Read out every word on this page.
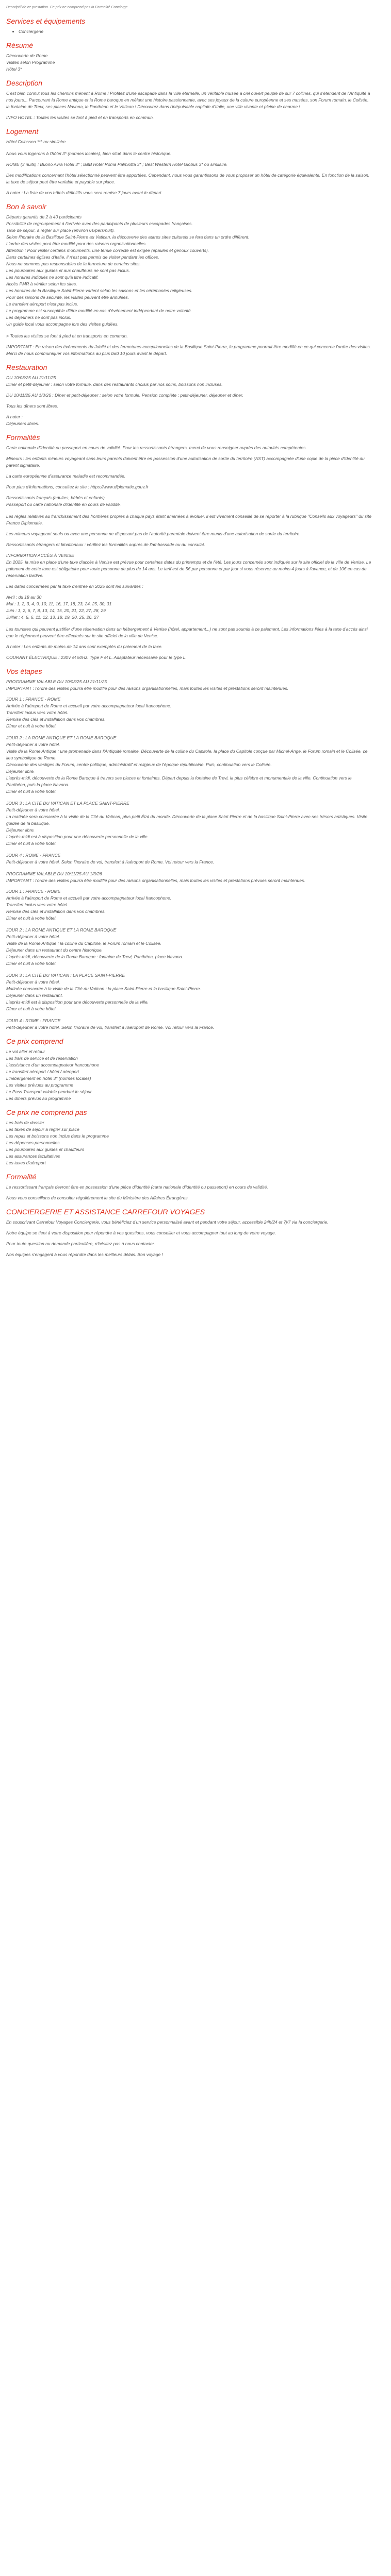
Descriptif de ce prestation. Ce prix ne comprend pas la Formalité Concierge

Services et équipements
• Conciergerie
Résumé
Découverte de Rome
Visites selon Programme
Hôtel 3*
Description

C'est bien connu: tous les chemins mènent à Rome ! Profitez d'une escapade dans la ville éternelle, un véritable musée à ciel ouvert peuplé de sur 7 collines, qui s'étendent de l'Antiquité à nos jours... Parcourant la Rome antique et la Rome baroque en mêlant une histoire passionnante, avec ses joyaux de la culture européenne et ses musées, son Forum romain, le Colisée, la fontaine de Trevi, ses places Navona, le Panthéon et le Vatican ! Découvrez dans l'inépuisable capitale d'Italie, une ville vivante et pleine de charme !

INFO HOTEL : Toutes les visites se font à pied et en transports en commun.

Logement
Hôtel Colosseo *** ou similaire

Nous vous logerons à l'hôtel 3* (normes locales), bien situé dans le centre historique.

ROME (3 nuits) : Buono Avra Hotel 3* ; B&B Hotel Roma Palmiotta 3* ; Best Western Hotel Globus 3* ou similaire.

Des modifications concernant l'hôtel sélectionné peuvent être apportées. Cependant, nous vous garantissons de vous proposer un hôtel de catégorie équivalente. En fonction de la saison, la taxe de séjour peut être variable et payable sur place.

A noter : La liste de vos hôtels définitifs vous sera remise 7 jours avant le départ.

Bon à savoir
Départs garantis de 2 à 40 participants
Possibilité de regroupement à l'arrivée avec des participants de plusieurs escapades françaises.
Taxe de séjour, à régler sur place (environ 6€/pers/nuit).
Selon l'horaire de la Basilique Saint-Pierre au Vatican, la découverte des autres sites culturels se fera dans un ordre différent.
L'ordre des visites peut être modifié pour des raisons organisationnelles.
Attention : Pour visiter certains monuments, une tenue correcte est exigée (épaules et genoux couverts).
Dans certaines églises d'Italie, il n'est pas permis de visiter pendant les offices.
Nous ne sommes pas responsables de la fermeture de certains sites.
Les pourboires aux guides et aux chauffeurs ne sont pas inclus.
Les horaires indiqués ne sont qu'à titre indicatif.
Accès PMR à vérifier selon les sites.
Les horaires de la Basilique Saint-Pierre varient selon les saisons et les cérémonies religieuses.
Pour des raisons de sécurité, les visites peuvent être annulées.
Le transfert aéroport n'est pas inclus.
Le programme est susceptible d'être modifié en cas d'événement indépendant de notre volonté.
Les déjeuners ne sont pas inclus.
Un guide local vous accompagne lors des visites guidées.

> Toutes les visites se font à pied et en transports en commun.

IMPORTANT : En raison des événements du Jubilé et des fermetures exceptionnelles de la Basilique Saint-Pierre, le programme pourrait être modifié en ce qui concerne l'ordre des visites. Merci de nous communiquer vos informations au plus tard 10 jours avant le départ.

Restauration
DU 10/03/25 AU 21/11/25

Dîner et petit-déjeuner : selon votre formule, dans des restaurants choisis par nos soins, boissons non incluses.

DU 10/11/25 AU 1/3/26 : Dîner et petit-déjeuner : selon votre formule. Pension complète : petit-déjeuner, déjeuner et dîner.

Tous les dîners sont libres.

A noter :
Déjeuners libres.
Formalités

Carte nationale d'identité ou passeport en cours de validité. Pour les ressortissants étrangers, merci de vous renseigner auprès des autorités compétentes.

Mineurs : les enfants mineurs voyageant sans leurs parents doivent être en possession d'une autorisation de sortie du territoire (AST) accompagnée d'une copie de la pièce d'identité du parent signataire.

La carte européenne d'assurance maladie est recommandée.

Pour plus d'informations, consultez le site : https://www.diplomatie.gouv.fr

Ressortissants français (adultes, bébés et enfants)
Passeport ou carte nationale d'identité en cours de validité.

Les règles relatives au franchissement des frontières propres à chaque pays étant amenées à évoluer, il est vivement conseillé de se reporter à la rubrique "Conseils aux voyageurs" du site France Diplomatie.

Les mineurs voyageant seuls ou avec une personne ne disposant pas de l'autorité parentale doivent être munis d'une autorisation de sortie du territoire.

Ressortissants étrangers et binationaux : vérifiez les formalités auprès de l'ambassade ou du consulat.

INFORMATION ACCÈS À VENISE

En 2025, la mise en place d'une taxe d'accès à Venise est prévue pour certaines dates du printemps et de l'été. Les jours concernés sont indiqués sur le site officiel de la ville de Venise. Le paiement de cette taxe est obligatoire pour toute personne de plus de 14 ans. Le tarif est de 5€ par personne et par jour si vous réservez au moins 4 jours à l'avance, et de 10€ en cas de réservation tardive.

Les dates concernées par la taxe d'entrée en 2025 sont les suivantes :

Avril : du 18 au 30
Mai : 1, 2, 3, 4, 9, 10, 11, 16, 17, 18, 23, 24, 25, 30, 31
Juin : 1, 2, 6, 7, 8, 13, 14, 15, 20, 21, 22, 27, 28, 29
Juillet : 4, 5, 6, 11, 12, 13, 18, 19, 20, 25, 26, 27

Les touristes qui peuvent justifier d'une réservation dans un hébergement à Venise (hôtel, appartement...) ne sont pas soumis à ce paiement. Les informations liées à la taxe d'accès ainsi que le règlement peuvent être effectués sur le site officiel de la ville de Venise.

A noter : Les enfants de moins de 14 ans sont exemptés du paiement de la taxe.

COURANT ÉLECTRIQUE : 230V et 50Hz. Type F et L. Adaptateur nécessaire pour le type L.

Vos étapes
PROGRAMME VALABLE DU 10/03/25 AU 21/11/25

IMPORTANT : l'ordre des visites pourra être modifié pour des raisons organisationnelles, mais toutes les visites et prestations seront maintenues.

JOUR 1 : FRANCE - ROME
Arrivée à l'aéroport de Rome et accueil par votre accompagnateur local francophone.
Transfert inclus vers votre hôtel.
Remise des clés et installation dans vos chambres.
Dîner et nuit à votre hôtel.
JOUR 2 : LA ROME ANTIQUE ET LA ROME BAROQUE
Petit-déjeuner à votre hôtel.
Visite de la Rome Antique : une promenade dans l'Antiquité romaine. Découverte de la colline du Capitole, la place du Capitole conçue par Michel-Ange, le Forum romain et le Colisée, ce lieu symbolique de Rome.
Découverte des vestiges du Forum, centre politique, administratif et religieux de l'époque républicaine. Puis, continuation vers le Colisée.
Déjeuner libre.
L'après-midi, découverte de la Rome Baroque à travers ses places et fontaines. Départ depuis la fontaine de Trevi, la plus célèbre et monumentale de la ville. Continuation vers le Panthéon, puis la place Navona.
Dîner et nuit à votre hôtel.
JOUR 3 : LA CITÉ DU VATICAN ET LA PLACE SAINT-PIERRE
Petit-déjeuner à votre hôtel.
La matinée sera consacrée à la visite de la Cité du Vatican, plus petit État du monde. Découverte de la place Saint-Pierre et de la basilique Saint-Pierre avec ses trésors artistiques. Visite guidée de la basilique.
Déjeuner libre.
L'après-midi est à disposition pour une découverte personnelle de la ville.
Dîner et nuit à votre hôtel.
JOUR 4 : ROME - FRANCE
Petit-déjeuner à votre hôtel. Selon l'horaire de vol, transfert à l'aéroport de Rome. Vol retour vers la France.
PROGRAMME VALABLE DU 10/11/25 AU 1/3/26

IMPORTANT : l'ordre des visites pourra être modifié pour des raisons organisationnelles, mais toutes les visites et prestations prévues seront maintenues.

JOUR 1 : FRANCE - ROME
Arrivée à l'aéroport de Rome et accueil par votre accompagnateur local francophone.
Transfert inclus vers votre hôtel.
Remise des clés et installation dans vos chambres.
Dîner et nuit à votre hôtel.
JOUR 2 : LA ROME ANTIQUE ET LA ROME BAROQUE
Petit-déjeuner à votre hôtel.
Visite de la Rome Antique : la colline du Capitole, le Forum romain et le Colisée.
Déjeuner dans un restaurant du centre historique.
L'après-midi, découverte de la Rome Baroque : fontaine de Trevi, Panthéon, place Navona.
Dîner et nuit à votre hôtel.
JOUR 3 : LA CITÉ DU VATICAN : LA PLACE SAINT-PIERRE
Petit-déjeuner à votre hôtel.
Matinée consacrée à la visite de la Cité du Vatican : la place Saint-Pierre et la basilique Saint-Pierre.
Déjeuner dans un restaurant.
L'après-midi est à disposition pour une découverte personnelle de la ville.
Dîner et nuit à votre hôtel.
JOUR 4 : ROME - FRANCE
Petit-déjeuner à votre hôtel. Selon l'horaire de vol, transfert à l'aéroport de Rome. Vol retour vers la France.
Ce prix comprend
Le vol aller et retour
Les frais de service et de réservation
L'assistance d'un accompagnateur francophone
Le transfert aéroport / hôtel / aéroport
L'hébergement en hôtel 3* (normes locales)
Les visites prévues au programme
Le Pass Transport valable pendant le séjour
Les dîners prévus au programme
Ce prix ne comprend pas
Les frais de dossier
Les taxes de séjour à régler sur place
Les repas et boissons non inclus dans le programme
Les dépenses personnelles
Les pourboires aux guides et chauffeurs
Les assurances facultatives
Les taxes d'aéroport
Formalité

Le ressortissant français devront être en possession d'une pièce d'identité (carte nationale d'identité ou passeport) en cours de validité.

Nous vous conseillons de consulter régulièrement le site du Ministère des Affaires Étrangères.

CONCIERGERIE ET ASSISTANCE CARREFOUR VOYAGES

En souscrivant Carrefour Voyages Conciergerie, vous bénéficiez d'un service personnalisé avant et pendant votre séjour, accessible 24h/24 et 7j/7 via la conciergerie.

Notre équipe se tient à votre disposition pour répondre à vos questions, vous conseiller et vous accompagner tout au long de votre voyage.

Pour toute question ou demande particulière, n'hésitez pas à nous contacter.

Nos équipes s'engagent à vous répondre dans les meilleurs délais. Bon voyage !
